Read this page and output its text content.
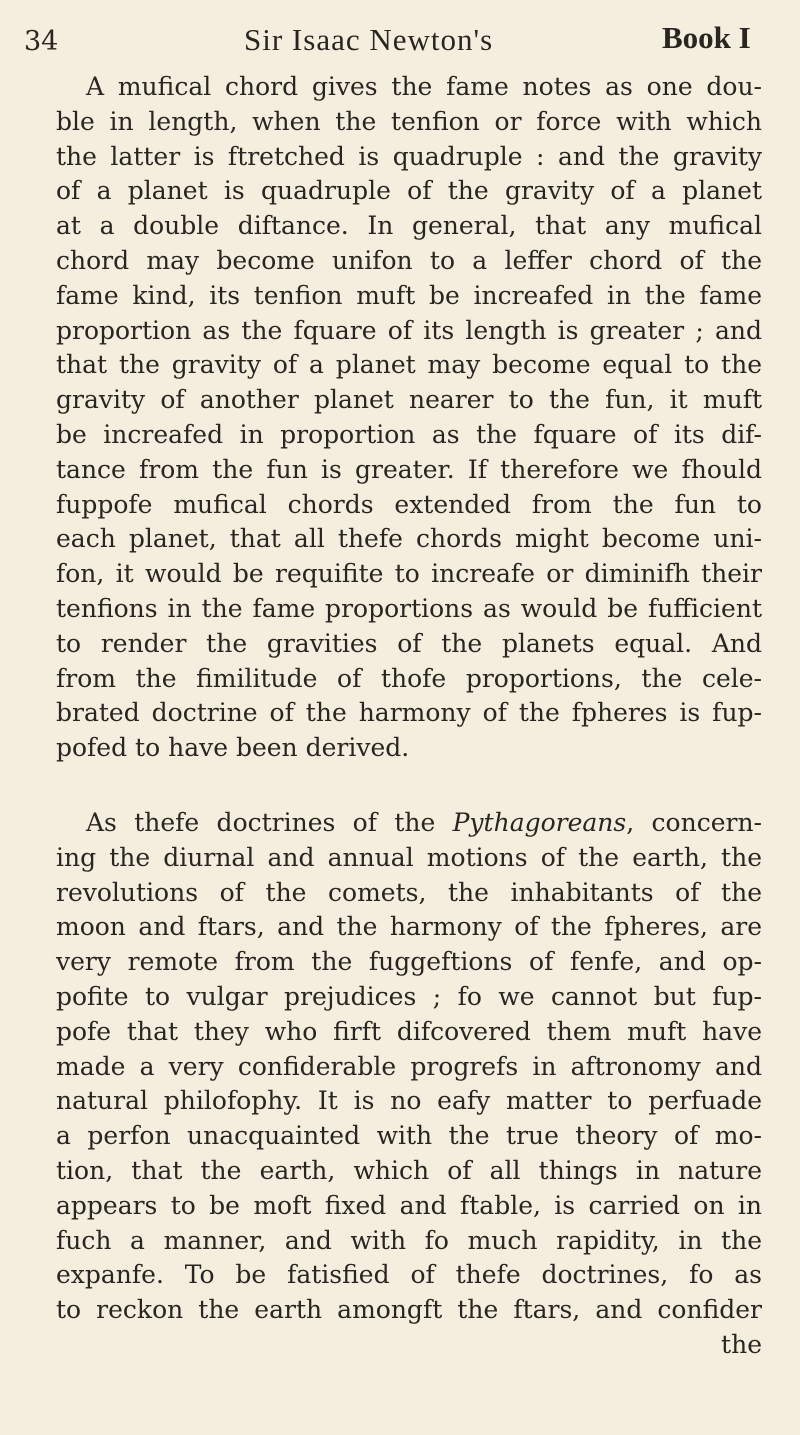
34	Sir Isaac Newton's	Book I
A mufical chord gives the fame notes as one dou-
ble in length, when the tenfion or force with which
the latter is ftretched is quadruple : and the gravity
of a planet is quadruple of the gravity of a planet
at a double diftance. In general, that any mufical
chord may become unifon to a leffer chord of the
fame kind, its tenfion muft be increafed in the fame
proportion as the fquare of its length is greater ; and
that the gravity of a planet may become equal to the
gravity of another planet nearer to the fun, it muft
be increafed in proportion as the fquare of its dif-
tance from the fun is greater. If therefore we fhould
fuppofe mufical chords extended from the fun to
each planet, that all thefe chords might become uni-
fon, it would be requifite to increafe or diminifh their
tenfions in the fame proportions as would be fufficient
to render the gravities of the planets equal. And
from the fimilitude of thofe proportions, the cele-
brated doctrine of the harmony of the fpheres is fup-
pofed to have been derived.
As thefe doctrines of the Pythagoreans, concern-
ing the diurnal and annual motions of the earth, the
revolutions of the comets, the inhabitants of the
moon and ftars, and the harmony of the fpheres, are
very remote from the fuggeftions of fenfe, and op-
pofite to vulgar prejudices ; fo we cannot but fup-
pofe that they who firft difcovered them muft have
made a very confiderable progrefs in aftronomy and
natural philofophy. It is no eafy matter to perfuade
a perfon unacquainted with the true theory of mo-
tion, that the earth, which of all things in nature
appears to be moft fixed and ftable, is carried on in
fuch a manner, and with fo much rapidity, in the
expanfe. To be fatisfied of thefe doctrines, fo as
to reckon the earth amongft the ftars, and confider
the
